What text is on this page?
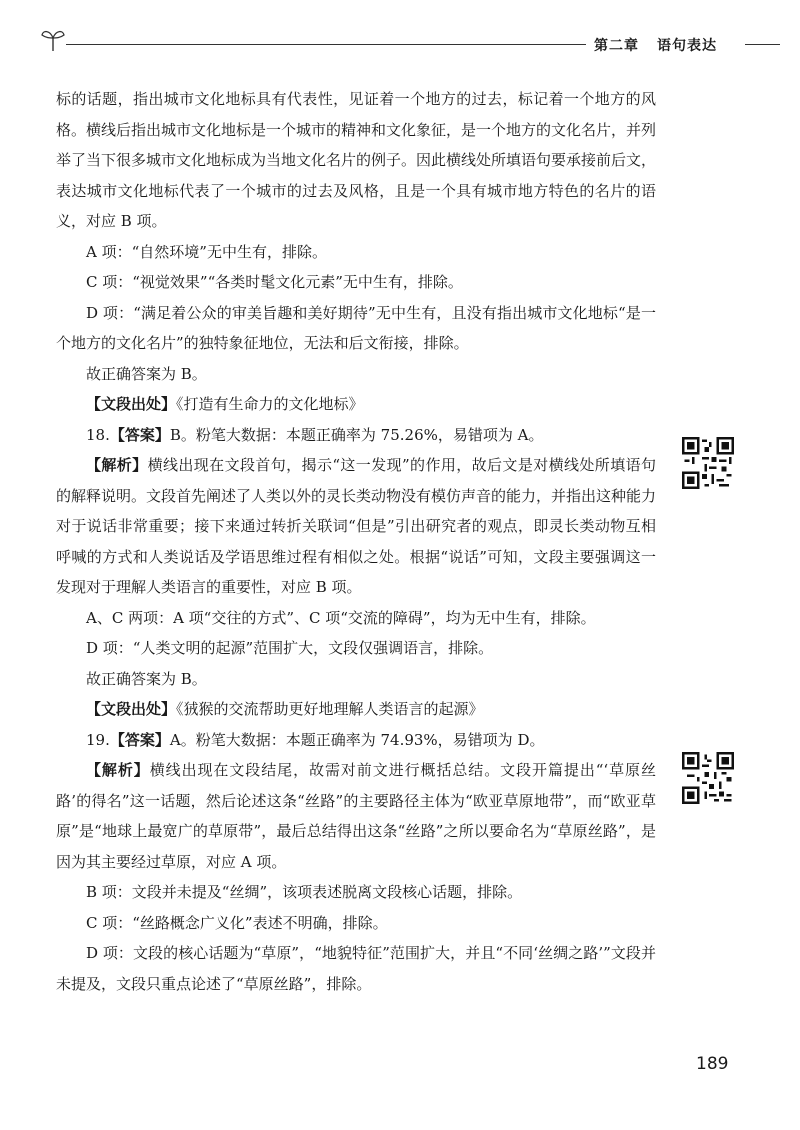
第二章 语句表达

标的话题，指出城市文化地标具有代表性，见证着一个地方的过去，标记着一个地方的风格。横线后指出城市文化地标是一个城市的精神和文化象征，是一个地方的文化名片，并列举了当下很多城市文化地标成为当地文化名片的例子。因此横线处所填语句要承接前后文，表达城市文化地标代表了一个城市的过去及风格，且是一个具有城市地方特色的名片的语义，对应 B 项。

A 项：“自然环境”无中生有，排除。

C 项：“视觉效果”“各类时髦文化元素”无中生有，排除。

D 项：“满足着公众的审美旨趣和美好期待”无中生有，且没有指出城市文化地标“是一个地方的文化名片”的独特象征地位，无法和后文衔接，排除。

故正确答案为 B。

【文段出处】《打造有生命力的文化地标》

18.【答案】B。粉笔大数据：本题正确率为 75.26%，易错项为 A。

【解析】横线出现在文段首句，揭示“这一发现”的作用，故后文是对横线处所填语句的解释说明。文段首先阐述了人类以外的灵长类动物没有模仿声音的能力，并指出这种能力对于说话非常重要；接下来通过转折关联词“但是”引出研究者的观点，即灵长类动物互相呼喊的方式和人类说话及学语思维过程有相似之处。根据“说话”可知，文段主要强调这一发现对于理解人类语言的重要性，对应 B 项。

A、C 两项：A 项“交往的方式”、C 项“交流的障碍”，均为无中生有，排除。

D 项：“人类文明的起源”范围扩大，文段仅强调语言，排除。

故正确答案为 B。

【文段出处】《狨猴的交流帮助更好地理解人类语言的起源》

19.【答案】A。粉笔大数据：本题正确率为 74.93%，易错项为 D。

【解析】横线出现在文段结尾，故需对前文进行概括总结。文段开篇提出“‘草原丝路’的得名”这一话题，然后论述这条“丝路”的主要路径主体为“欧亚草原地带”，而“欧亚草原”是“地球上最宽广的草原带”，最后总结得出这条“丝路”之所以要命名为“草原丝路”，是因为其主要经过草原，对应 A 项。

B 项：文段并未提及“丝绸”，该项表述脱离文段核心话题，排除。

C 项：“丝路概念广义化”表述不明确，排除。

D 项：文段的核心话题为“草原”，“地貌特征”范围扩大，并且“不同‘丝绸之路’”文段并未提及，文段只重点论述了“草原丝路”，排除。

189
